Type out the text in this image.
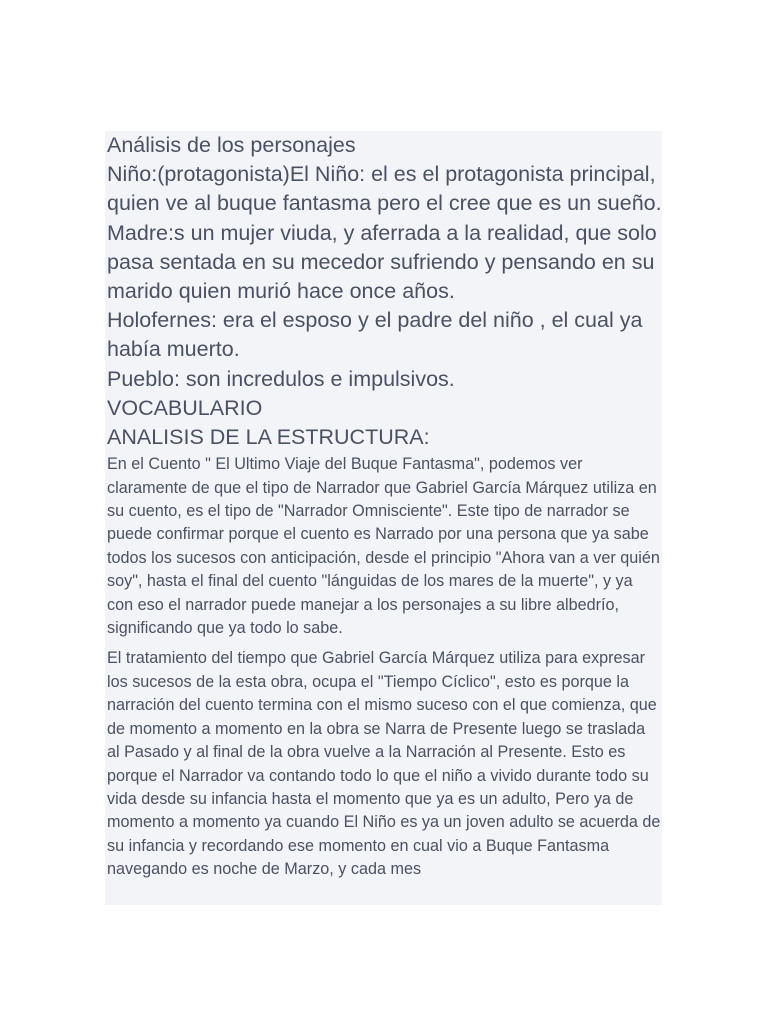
Análisis de los personajes
Niño:(protagonista)El Niño: el es el protagonista principal, quien ve al buque fantasma pero el cree que es un sueño.
Madre:s un mujer viuda, y aferrada a la realidad, que solo pasa sentada en su mecedor sufriendo y pensando en su marido quien murió hace once años.
Holofernes: era el esposo y el padre del niño , el cual ya había muerto.
Pueblo: son incredulos e impulsivos.
VOCABULARIO
ANALISIS DE LA ESTRUCTURA:
En el Cuento " El Ultimo Viaje del Buque Fantasma", podemos ver claramente de que el tipo de Narrador que Gabriel García Márquez utiliza en su cuento, es el tipo de "Narrador Omnisciente". Este tipo de narrador se puede confirmar porque el cuento es Narrado por una persona que ya sabe todos los sucesos con anticipación, desde el principio "Ahora van a ver quién soy", hasta el final del cuento "lánguidas de los mares de la muerte", y ya con eso el narrador puede manejar a los personajes a su libre albedrío, significando que ya todo lo sabe.
El tratamiento del tiempo que Gabriel García Márquez utiliza para expresar los sucesos de la esta obra, ocupa el "Tiempo Cíclico", esto es porque la narración del cuento termina con el mismo suceso con el que comienza, que de momento a momento en la obra se Narra de Presente luego se traslada al Pasado y al final de la obra vuelve a la Narración al Presente. Esto es porque el Narrador va contando todo lo que el niño a vivido durante todo su vida desde su infancia hasta el momento que ya es un adulto, Pero ya de momento a momento ya cuando El Niño es ya un joven adulto se acuerda de su infancia y recordando ese momento en cual vio a Buque Fantasma navegando es noche de Marzo, y cada mes
